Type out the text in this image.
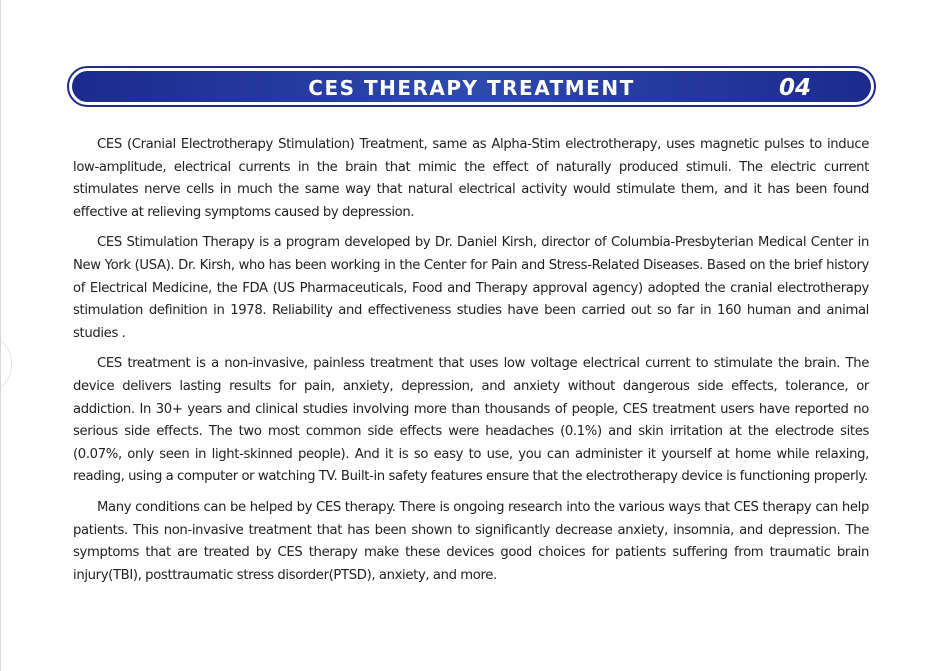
CES THERAPY TREATMENT	04

CES (Cranial Electrotherapy Stimulation) Treatment, same as Alpha-Stim electrotherapy, uses magnetic pulses to induce low-amplitude, electrical currents in the brain that mimic the effect of naturally produced stimuli. The electric current stimulates nerve cells in much the same way that natural electrical activity would stimulate them, and it has been found effective at relieving symptoms caused by depression.

CES Stimulation Therapy is a program developed by Dr. Daniel Kirsh, director of Columbia-Presbyterian Medical Center in New York (USA). Dr. Kirsh, who has been working in the Center for Pain and Stress-Related Diseases. Based on the brief history of Electrical Medicine, the FDA (US Pharmaceuticals, Food and Therapy approval agency) adopted the cranial electrotherapy stimulation definition in 1978. Reliability and effectiveness studies have been carried out so far in 160 human and animal studies .

CES treatment is a non-invasive, painless treatment that uses low voltage electrical current to stimulate the brain. The device delivers lasting results for pain, anxiety, depression, and anxiety without dangerous side effects, tolerance, or addiction. In 30+ years and clinical studies involving more than thousands of people, CES treatment users have reported no serious side effects. The two most common side effects were headaches (0.1%) and skin irritation at the electrode sites (0.07%, only seen in light-skinned people). And it is so easy to use, you can administer it yourself at home while relaxing, reading, using a computer or watching TV. Built-in safety features ensure that the electrotherapy device is functioning properly.

Many conditions can be helped by CES therapy. There is ongoing research into the various ways that CES therapy can help patients. This non-invasive treatment that has been shown to significantly decrease anxiety, insomnia, and depression. The symptoms that are treated by CES therapy make these devices good choices for patients suffering from traumatic brain injury(TBI), posttraumatic stress disorder(PTSD), anxiety, and more.
